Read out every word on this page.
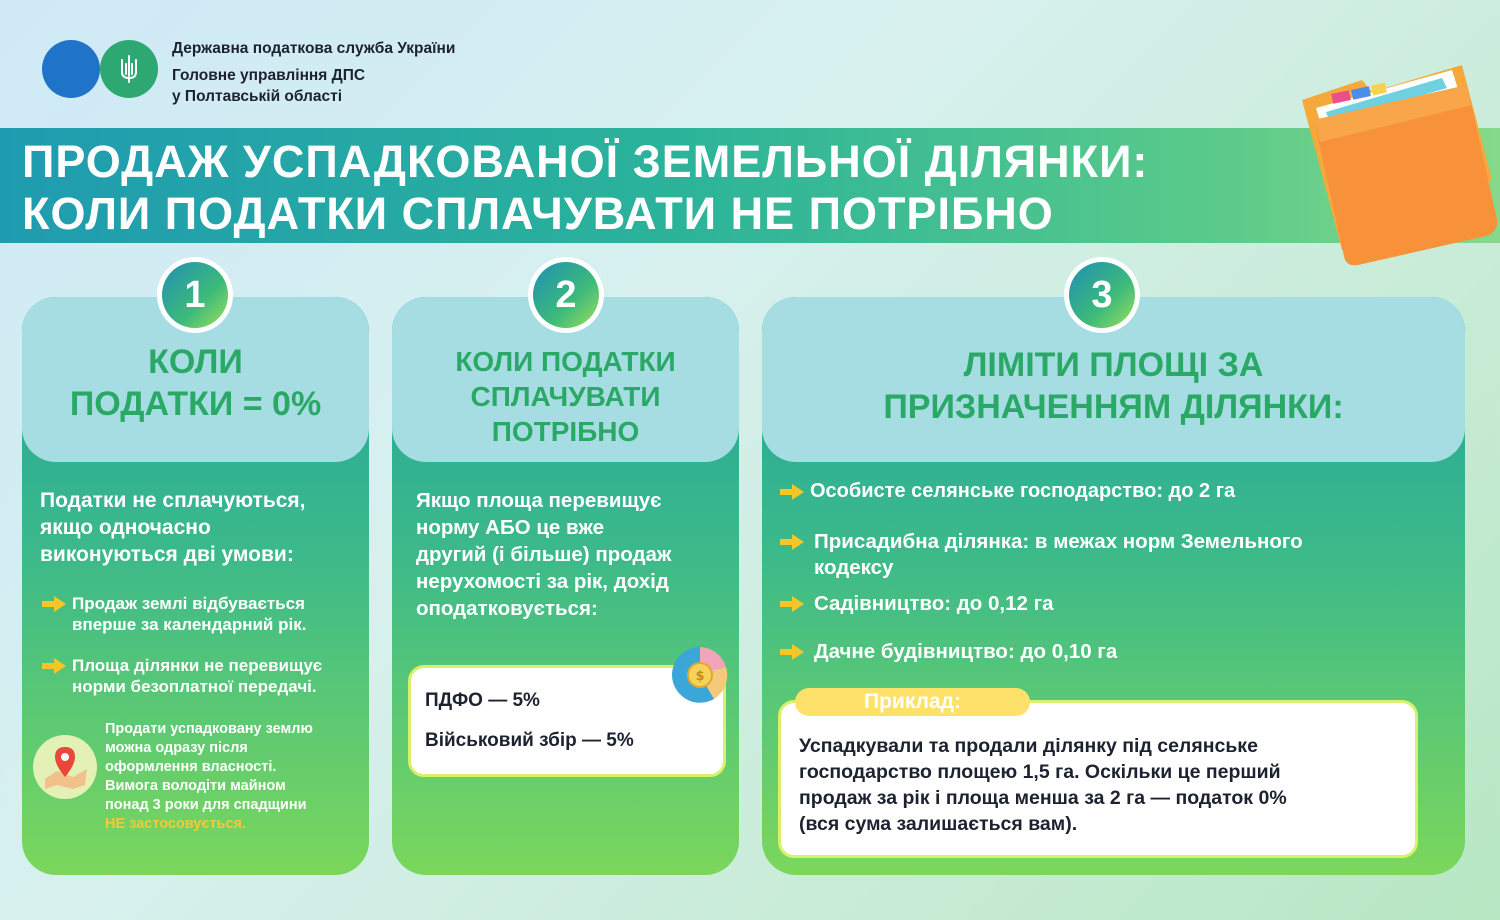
Державна податкова служба України
Головне управління ДПС
у Полтавській області
ПРОДАЖ УСПАДКОВАНОЇ ЗЕМЕЛЬНОЇ ДІЛЯНКИ:
КОЛИ ПОДАТКИ СПЛАЧУВАТИ НЕ ПОТРІБНО
КОЛИ
ПОДАТКИ = 0%
1
Податки не сплачуються,
якщо одночасно
виконуються дві умови:
Продаж землі відбувається
вперше за календарний рік.
Площа ділянки не перевищує
норми безоплатної передачі.
Продати успадковану землю
можна одразу після
оформлення власності.
Вимога володіти майном
понад 3 роки для спадщини
НЕ застосовується.
КОЛИ ПОДАТКИ
СПЛАЧУВАТИ
ПОТРІБНО
2
Якщо площа перевищує
норму АБО це вже
другий (і більше) продаж
нерухомості за рік, дохід
оподатковується:
ПДФО — 5%
Військовий збір — 5%
$
ЛІМІТИ ПЛОЩІ ЗА
ПРИЗНАЧЕННЯМ ДІЛЯНКИ:
3
Особисте селянське господарство: до 2 га
Присадибна ділянка: в межах норм Земельного
кодексу
Садівництво: до 0,12 га
Дачне будівництво: до 0,10 га
Успадкували та продали ділянку під селянське
господарство площею 1,5 га. Оскільки це перший
продаж за рік і площа менша за 2 га — податок 0%
(вся сума залишається вам).
Приклад:
